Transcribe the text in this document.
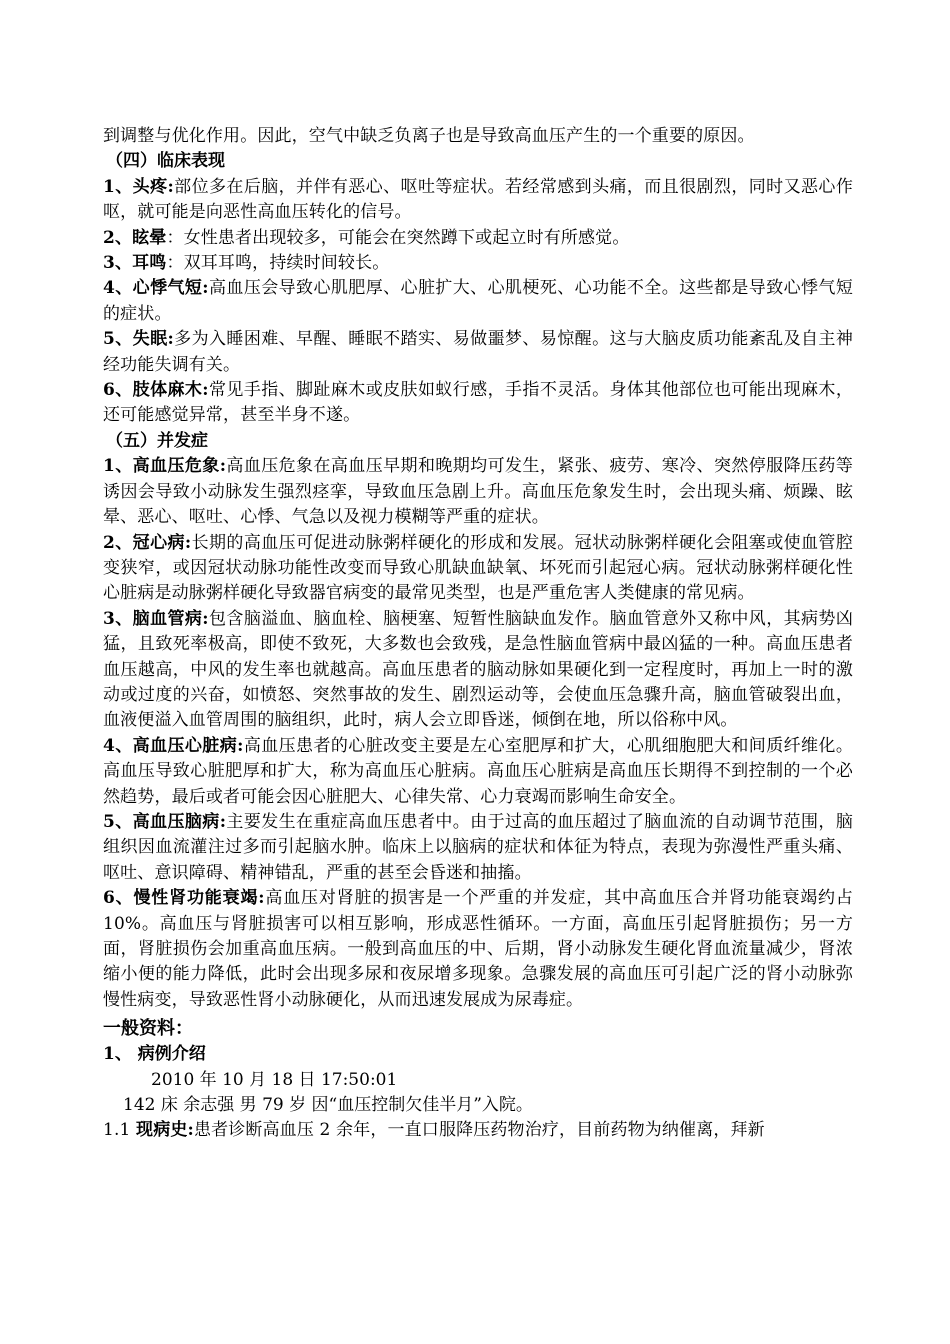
到调整与优化作用。因此，空气中缺乏负离子也是导致高血压产生的一个重要的原因。

（四）临床表现

1、头疼:部位多在后脑，并伴有恶心、呕吐等症状。若经常感到头痛，而且很剧烈，同时又恶心作呕，就可能是向恶性高血压转化的信号。

2、眩晕：女性患者出现较多，可能会在突然蹲下或起立时有所感觉。

3、耳鸣：双耳耳鸣，持续时间较长。

4、心悸气短:高血压会导致心肌肥厚、心脏扩大、心肌梗死、心功能不全。这些都是导致心悸气短的症状。

5、失眠:多为入睡困难、早醒、睡眠不踏实、易做噩梦、易惊醒。这与大脑皮质功能紊乱及自主神经功能失调有关。

6、肢体麻木:常见手指、脚趾麻木或皮肤如蚁行感，手指不灵活。身体其他部位也可能出现麻木，还可能感觉异常，甚至半身不遂。

（五）并发症

1、高血压危象:高血压危象在高血压早期和晚期均可发生，紧张、疲劳、寒冷、突然停服降压药等诱因会导致小动脉发生强烈痉挛，导致血压急剧上升。高血压危象发生时，会出现头痛、烦躁、眩晕、恶心、呕吐、心悸、气急以及视力模糊等严重的症状。

2、冠心病:长期的高血压可促进动脉粥样硬化的形成和发展。冠状动脉粥样硬化会阻塞或使血管腔变狭窄，或因冠状动脉功能性改变而导致心肌缺血缺氧、坏死而引起冠心病。冠状动脉粥样硬化性心脏病是动脉粥样硬化导致器官病变的最常见类型，也是严重危害人类健康的常见病。

3、脑血管病:包含脑溢血、脑血栓、脑梗塞、短暂性脑缺血发作。脑血管意外又称中风，其病势凶猛，且致死率极高，即使不致死，大多数也会致残，是急性脑血管病中最凶猛的一种。高血压患者血压越高，中风的发生率也就越高。高血压患者的脑动脉如果硬化到一定程度时，再加上一时的激动或过度的兴奋，如愤怒、突然事故的发生、剧烈运动等，会使血压急骤升高，脑血管破裂出血，血液便溢入血管周围的脑组织，此时，病人会立即昏迷，倾倒在地，所以俗称中风。

4、高血压心脏病:高血压患者的心脏改变主要是左心室肥厚和扩大，心肌细胞肥大和间质纤维化。高血压导致心脏肥厚和扩大，称为高血压心脏病。高血压心脏病是高血压长期得不到控制的一个必然趋势，最后或者可能会因心脏肥大、心律失常、心力衰竭而影响生命安全。

5、高血压脑病:主要发生在重症高血压患者中。由于过高的血压超过了脑血流的自动调节范围，脑组织因血流灌注过多而引起脑水肿。临床上以脑病的症状和体征为特点，表现为弥漫性严重头痛、呕吐、意识障碍、精神错乱，严重的甚至会昏迷和抽搐。

6、慢性肾功能衰竭:高血压对肾脏的损害是一个严重的并发症，其中高血压合并肾功能衰竭约占 10%。高血压与肾脏损害可以相互影响，形成恶性循环。一方面，高血压引起肾脏损伤；另一方面，肾脏损伤会加重高血压病。一般到高血压的中、后期，肾小动脉发生硬化肾血流量减少，肾浓缩小便的能力降低，此时会出现多尿和夜尿增多现象。急骤发展的高血压可引起广泛的肾小动脉弥慢性病变，导致恶性肾小动脉硬化，从而迅速发展成为尿毒症。

一般资料：

1、 病例介绍

2010 年 10 月 18 日 17:50:01

142 床 余志强 男 79 岁 因“血压控制欠佳半月”入院。

1.1 现病史:患者诊断高血压 2 余年，一直口服降压药物治疗，目前药物为纳催离，拜新
